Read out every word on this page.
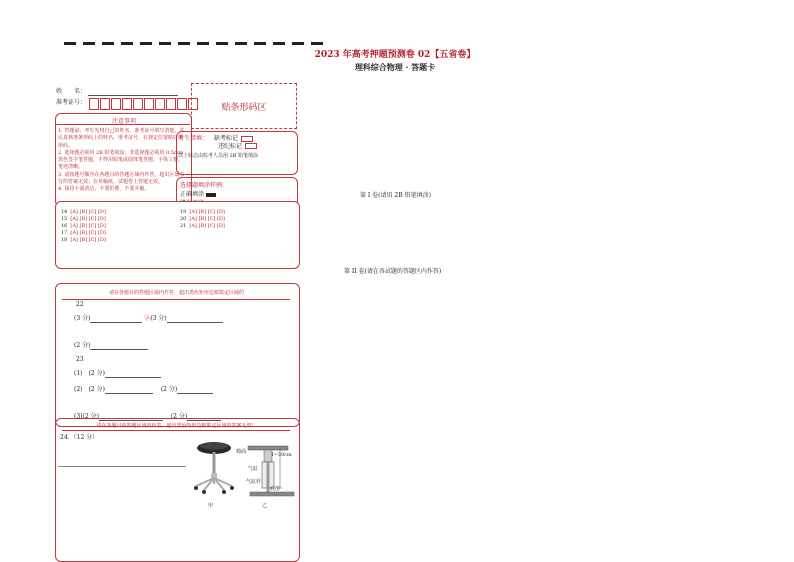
2023 年高考押题预测卷 02【五省卷】
理科综合物理 · 答题卡
姓　　名：
准考证号：	贴条形码区
注意事项
1. 答题前，考生先将自己的姓名、准考证号填写清楚，并认真核准条形码上的姓名、准考证号，在规定位置贴好条形码。
2. 选择题必须用 2B 铅笔填涂；非选择题必须用 0.5mm 黑色签字笔答题，不得用铅笔或圆珠笔答题；字体工整、笔迹清晰。
3. 请按题号顺序在各题目的答题区域内作答，超出区域书写的答案无效；在草稿纸、试题卷上答题无效。
4. 保持卡面清洁，不要折叠、不要弄破。
考生禁填： 缺考标记
违纪标记
以上标志由监考人员用 2B 铅笔填涂
选择题填涂样例：
正确填涂
14 [A] [B] [C] [D]
15 [A] [B] [C] [D]
16 [A] [B] [C] [D]
17 [A] [B] [C] [D]
18 [A] [B] [C] [D]
19 [A] [B] [C] [D]
20 [A] [B] [C] [D]
21 [A] [B] [C] [D]
第 I 卷(请用 2B 铅笔填涂)
第 II 卷(请在各试题的答题区内作答)
请在各题目的答题区域内作答，超出黑色矩形边框限定区域的
22
(3 分)	②(3 分)
(2 分)
23
(1)　(2 分)
(2)　(2 分)	(2 分)
(3)(2 分)	(2 分)
请在各题目的答题区域内作答，超出黑色矩形边框限定区域的答案无效！
24．（12 分）
甲
椅面	l=30cm
气缸
气缸杆
底座
乙
